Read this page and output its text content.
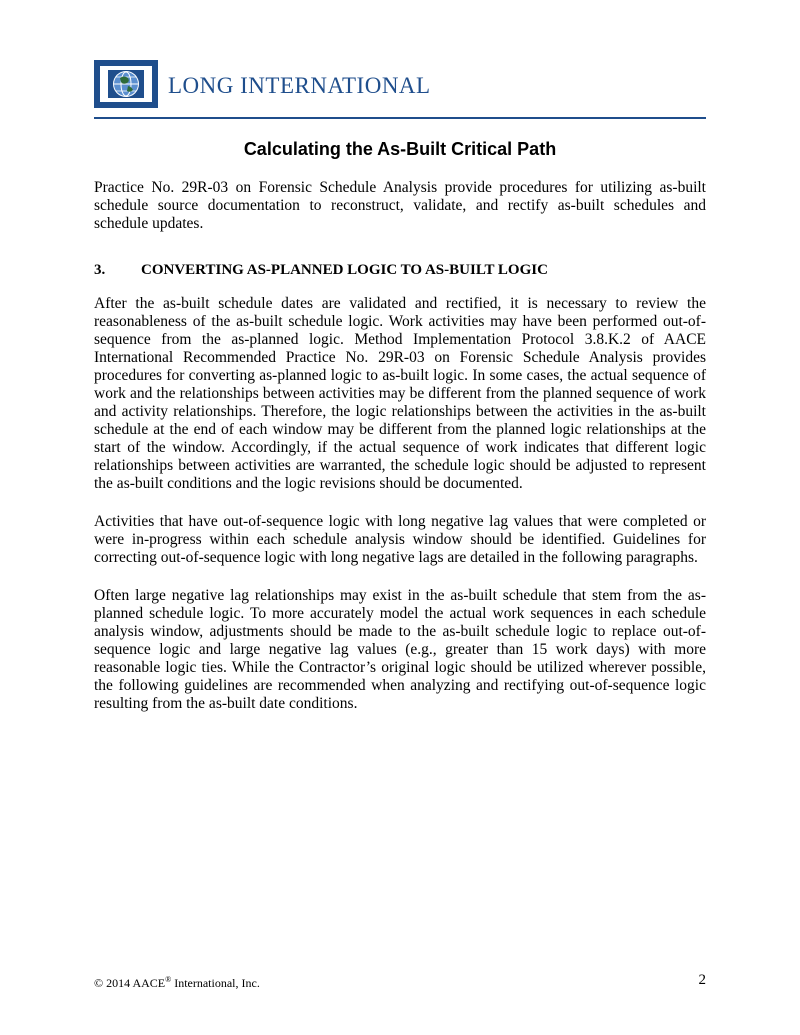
LONG INTERNATIONAL
Calculating the As-Built Critical Path

Practice No. 29R-03 on Forensic Schedule Analysis provide procedures for utilizing as-built schedule source documentation to reconstruct, validate, and rectify as-built schedules and schedule updates.

3.	CONVERTING AS-PLANNED LOGIC TO AS-BUILT LOGIC

After the as-built schedule dates are validated and rectified, it is necessary to review the reasonableness of the as-built schedule logic. Work activities may have been performed out-of-sequence from the as-planned logic. Method Implementation Protocol 3.8.K.2 of AACE International Recommended Practice No. 29R-03 on Forensic Schedule Analysis provides procedures for converting as-planned logic to as-built logic. In some cases, the actual sequence of work and the relationships between activities may be different from the planned sequence of work and activity relationships. Therefore, the logic relationships between the activities in the as-built schedule at the end of each window may be different from the planned logic relationships at the start of the window. Accordingly, if the actual sequence of work indicates that different logic relationships between activities are warranted, the schedule logic should be adjusted to represent the as-built conditions and the logic revisions should be documented.

Activities that have out-of-sequence logic with long negative lag values that were completed or were in-progress within each schedule analysis window should be identified. Guidelines for correcting out-of-sequence logic with long negative lags are detailed in the following paragraphs.

Often large negative lag relationships may exist in the as-built schedule that stem from the as-planned schedule logic. To more accurately model the actual work sequences in each schedule analysis window, adjustments should be made to the as-built schedule logic to replace out-of-sequence logic and large negative lag values (e.g., greater than 15 work days) with more reasonable logic ties. While the Contractor’s original logic should be utilized wherever possible, the following guidelines are recommended when analyzing and rectifying out-of-sequence logic resulting from the as-built date conditions.

© 2014 AACE® International, Inc.	2
